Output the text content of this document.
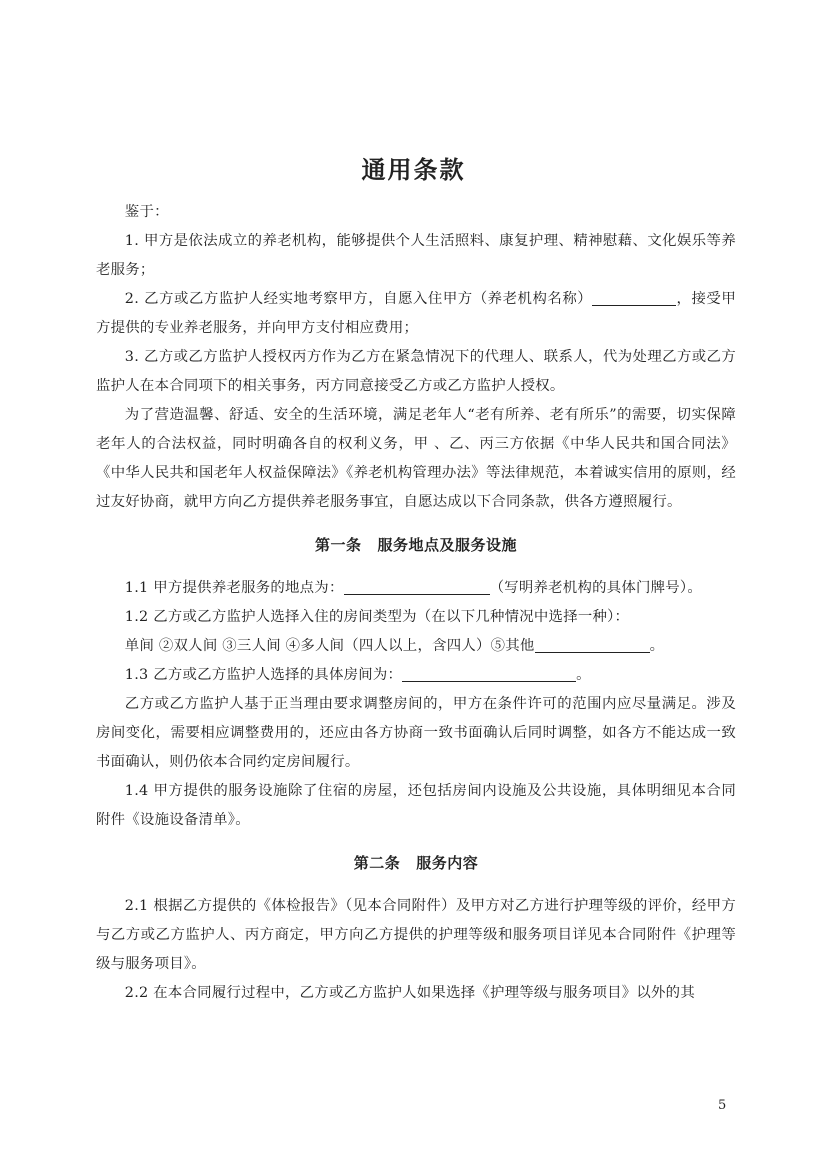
通用条款

鉴于：

1. 甲方是依法成立的养老机构，能够提供个人生活照料、康复护理、精神慰藉、文化娱乐等养老服务；

2. 乙方或乙方监护人经实地考察甲方，自愿入住甲方（养老机构名称）	，接受甲方提供的专业养老服务，并向甲方支付相应费用；

3. 乙方或乙方监护人授权丙方作为乙方在紧急情况下的代理人、联系人，代为处理乙方或乙方监护人在本合同项下的相关事务，丙方同意接受乙方或乙方监护人授权。

为了营造温馨、舒适、安全的生活环境，满足老年人“老有所养、老有所乐”的需要，切实保障老年人的合法权益，同时明确各自的权利义务，甲 、乙、丙三方依据《中华人民共和国合同法》《中华人民共和国老年人权益保障法》《养老机构管理办法》等法律规范，本着诚实信用的原则，经过友好协商，就甲方向乙方提供养老服务事宜，自愿达成以下合同条款，供各方遵照履行。

第一条 服务地点及服务设施

1.1 甲方提供养老服务的地点为：	（写明养老机构的具体门牌号）。

1.2 乙方或乙方监护人选择入住的房间类型为（在以下几种情况中选择一种）：

单间 ②双人间 ③三人间 ④多人间（四人以上，含四人）⑤其他	。

1.3 乙方或乙方监护人选择的具体房间为：	。

乙方或乙方监护人基于正当理由要求调整房间的，甲方在条件许可的范围内应尽量满足。涉及房间变化，需要相应调整费用的，还应由各方协商一致书面确认后同时调整，如各方不能达成一致书面确认，则仍依本合同约定房间履行。

1.4 甲方提供的服务设施除了住宿的房屋，还包括房间内设施及公共设施，具体明细见本合同附件《设施设备清单》。

第二条 服务内容

2.1 根据乙方提供的《体检报告》（见本合同附件）及甲方对乙方进行护理等级的评价，经甲方与乙方或乙方监护人、丙方商定，甲方向乙方提供的护理等级和服务项目详见本合同附件《护理等级与服务项目》。

2.2 在本合同履行过程中，乙方或乙方监护人如果选择《护理等级与服务项目》以外的其

5
